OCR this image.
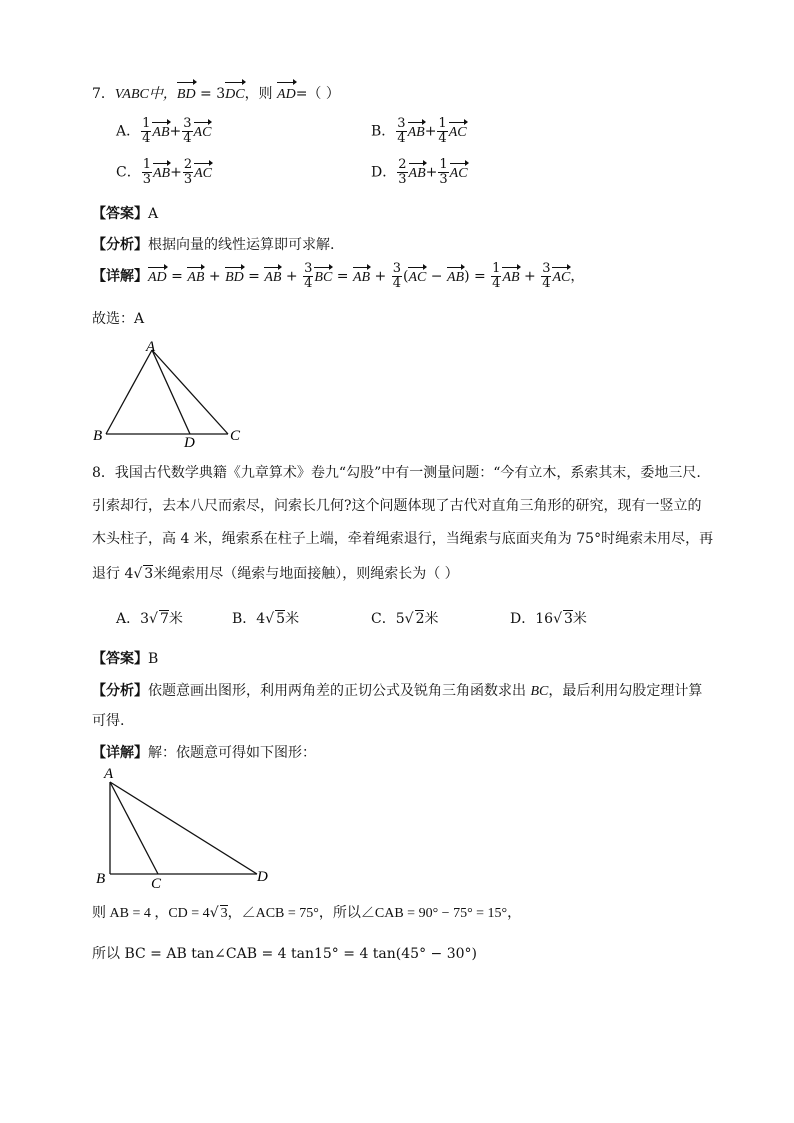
7．VABC中，BD = 3DC，则 AD=（ ）
A． $\frac{1}{4} AB+ \frac{3}{4}$ AC	B． $\frac{3}{4} AB+ \frac{1}{4}$ AC
C． $\frac{1}{3} AB+ \frac{2}{3}$ AC	D． $\frac{2}{3} AB+ \frac{1}{3}$ AC
【答案】A
【分析】根据向量的线性运算即可求解.
【详解】AD = AB + BD = AB + $\frac{3}{4}$ BC = AB + $\frac{3}{4} (AC - AB) = \frac{1}{4}$ AB + $\frac{3}{4}$ AC，
故选：A
A
B	D C
8．我国古代数学典籍《九章算术》卷九“勾股”中有一测量问题：“今有立木，系索其末，委地三尺.
引索却行，去本八尺而索尽，问索长几何?这个问题体现了古代对直角三角形的研究，现有一竖立的
木头柱子，高 4 米，绳索系在柱子上端，牵着绳索退行，当绳索与底面夹角为 75°时绳索未用尽，再
退行 4√ 3米绳索用尽（绳索与地面接触），则绳索长为（ ）
A．3√ 7米	B．4√ 5米	C．5√ 2米	D．16√ 3米
【答案】B
【分析】依题意画出图形，利用两角差的正切公式及锐角三角函数求出 BC，最后利用勾股定理计算
可得.
【详解】解：依题意可得如下图形：
A
B	C	D
则 AB = 4 ，CD = 4√ 3，∠ACB = 75°，所以∠CAB = 90° − 75° = 15°，
所以 BC = AB tan∠CAB = 4 tan15° = 4 tan(45° − 30°)
